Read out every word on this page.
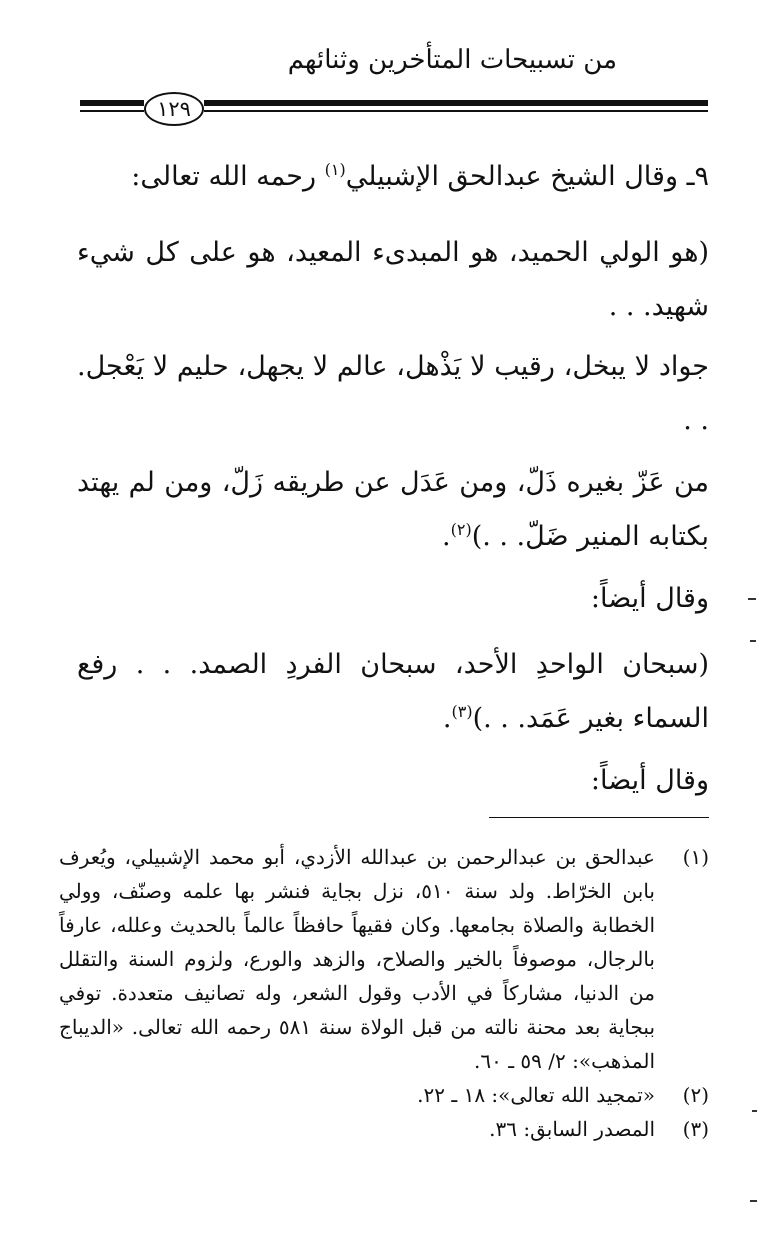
من تسبيحات المتأخرين وثنائهم
١٢٩
٩ـ وقال الشيخ عبدالحق الإشبيلي$^{(١)}$ رحمه الله تعالى:
(هو الولي الحميد، هو المبدىء المعيد، هو على كل شيء شهيد. . .
جواد لا يبخل، رقيب لا يَذْهل، عالم لا يجهل، حليم لا يَعْجل. . .
من عَزّ بغيره ذَلّ، ومن عَدَل عن طريقه زَلّ، ومن لم يهتد بكتابه المنير ضَلّ. . .)$^{(٢)}$.
وقال أيضاً:
(سبحان الواحدِ الأحد، سبحان الفردِ الصمد. . . رفع السماء بغير عَمَد. . .)$^{(٣)}$.
وقال أيضاً:
(١)
عبدالحق بن عبدالرحمن بن عبدالله الأزدي، أبو محمد الإشبيلي، ويُعرف بابن الخرّاط. ولد سنة ٥١٠، نزل بجاية فنشر بها علمه وصنّف، وولي الخطابة والصلاة بجامعها. وكان فقيهاً حافظاً عالماً بالحديث وعلله، عارفاً بالرجال، موصوفاً بالخير والصلاح، والزهد والورع، ولزوم السنة والتقلل من الدنيا، مشاركاً في الأدب وقول الشعر، وله تصانيف متعددة. توفي ببجاية بعد محنة نالته من قبل الولاة سنة ٥٨١ رحمه الله تعالى. «الديباج المذهب»: ٢/ ٥٩ ـ ٦٠.
(٢)
«تمجيد الله تعالى»: ١٨ ـ ٢٢.
(٣)
المصدر السابق: ٣٦.
